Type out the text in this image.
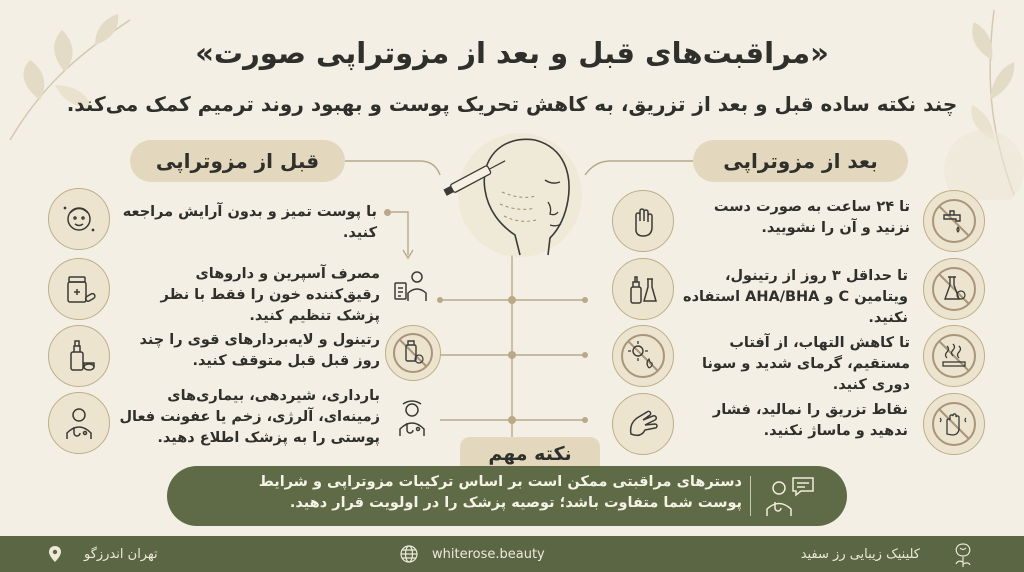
«مراقبت‌های قبل و بعد از مزوتراپی صورت»
چند نکته ساده قبل و بعد از تزریق، به کاهش تحریک پوست و بهبود روند ترمیم کمک می‌کند.
قبل از مزوتراپی	بعد از مزوتراپی
با پوست تمیز و بدون آرایش مراجعه کنید.
مصرف آسپرین و داروهای رقیق‌کننده خون را فقط با نظر پزشک تنظیم کنید.
رتینول و لایه‌بردارهای قوی را چند روز قبل قبل متوقف کنید.
بارداری، شیردهی، بیماری‌های زمینه‌ای، آلرژی، زخم یا عفونت فعال پوستی را به پزشک اطلاع دهید.
تا ۲۴ ساعت به صورت دست نزنید و آن را نشویید.
تا حداقل ۳ روز از رتینول، ویتامین C و AHA/BHA استفاده نکنید.
تا کاهش التهاب، از آفتاب مستقیم، گرمای شدید و سونا دوری کنید.
نقاط تزریق را نمالید، فشار ندهید و ماساژ نکنید.
نکته مهم
دسترهای مراقبتی ممکن است بر اساس ترکیبات مزوتراپی و شرایط پوست شما متفاوت باشد؛ توصیه پزشک را در اولویت قرار دهید.
تهران اندرزگو	whiterose.beauty	کلینیک زیبایی رز سفید
